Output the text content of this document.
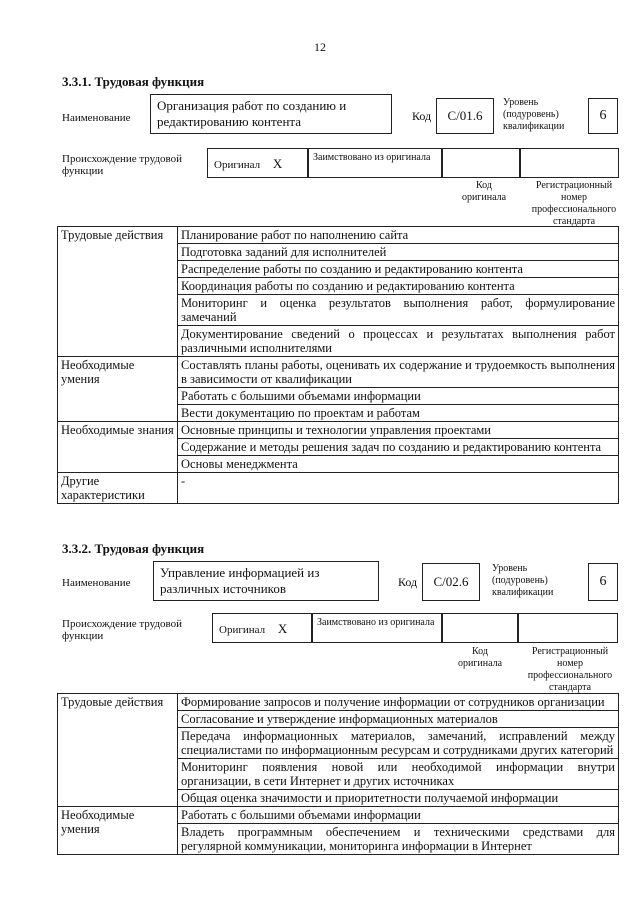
12
3.3.1. Трудовая функция
Наименование
Организация работ по созданию и редактированию контента	Код C/01.6
Уровень (подуровень) квалификации
6
Происхождение трудовой функции	Оригинал X	Заимствовано из оригинала
Код оригинала
Регистрационный номер профессионального стандарта
Трудовые действия	Планирование работ по наполнению сайта
	Подготовка заданий для исполнителей
	Распределение работы по созданию и редактированию контента
	Координация работы по созданию и редактированию контента
	Мониторинг и оценка результатов выполнения работ, формулирование замечаний
	Документирование сведений о процессах и результатах выполнения работ различными исполнителями
Необходимые умения	Составлять планы работы, оценивать их содержание и трудоемкость выполнения в зависимости от квалификации
	Работать с большими объемами информации
	Вести документацию по проектам и работам
Необходимые знания	Основные принципы и технологии управления проектами
	Содержание и методы решения задач по созданию и редактированию контента
	Основы менеджмента
Другие характеристики	-
3.3.2. Трудовая функция
Наименование
Управление информацией из различных источников	Код C/02.6
Уровень (подуровень) квалификации
6
Происхождение трудовой функции	Оригинал X	Заимствовано из оригинала
Код оригинала
Регистрационный номер профессионального стандарта
Трудовые действия	Формирование запросов и получение информации от сотрудников организации
	Согласование и утверждение информационных материалов
	Передача информационных материалов, замечаний, исправлений между специалистами по информационным ресурсам и сотрудниками других категорий
	Мониторинг появления новой или необходимой информации внутри организации, в сети Интернет и других источниках
	Общая оценка значимости и приоритетности получаемой информации
Необходимые умения	Работать с большими объемами информации
	Владеть программным обеспечением и техническими средствами для регулярной коммуникации, мониторинга информации в Интернет
